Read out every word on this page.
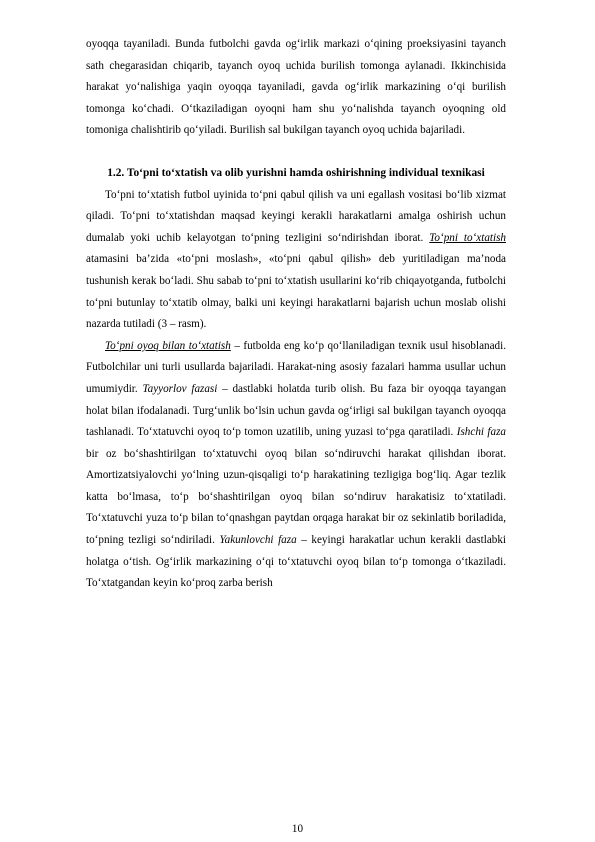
oyoqqa tayaniladi. Bunda futbolchi gavda og‘irlik markazi o‘qining proeksiyasini tayanch sath chegarasidan chiqarib, tayanch oyoq uchida burilish tomonga aylanadi. Ikkinchisida harakat yo‘nalishiga yaqin oyoqqa tayaniladi, gavda og‘irlik markazining o‘qi burilish tomonga ko‘chadi. O‘tkaziladigan oyoqni ham shu yo‘nalishda tayanch oyoqning old tomoniga chalishtirib qo‘yiladi. Burilish sal bukilgan tayanch oyoq uchida bajariladi.

1.2. To‘pni to‘xtatish va olib yurishni hamda oshirishning individual texnikasi

To‘pni to‘xtatish futbol uyinida to‘pni qabul qilish va uni egallash vositasi bo‘lib xizmat qiladi. To‘pni to‘xtatishdan maqsad keyingi kerakli harakatlarni amalga oshirish uchun dumalab yoki uchib kelayotgan to‘pning tezligini so‘ndirishdan iborat. To‘pni to‘xtatish atamasini ba’zida «to‘pni moslash», «to‘pni qabul qilish» deb yuritiladigan ma’noda tushunish kerak bo‘ladi. Shu sabab to‘pni to‘xtatish usullarini ko‘rib chiqayotganda, futbolchi to‘pni butunlay to‘xtatib olmay, balki uni keyingi harakatlarni bajarish uchun moslab olishi nazarda tutiladi (3 – rasm).

To‘pni oyoq bilan to‘xtatish – futbolda eng ko‘p qo‘llaniladigan texnik usul hisoblanadi. Futbolchilar uni turli usullarda bajariladi. Harakat-ning asosiy fazalari hamma usullar uchun umumiydir. Tayyorlov fazasi – dastlabki holatda turib olish. Bu faza bir oyoqqa tayangan holat bilan ifodalanadi. Turg‘unlik bo‘lsin uchun gavda og‘irligi sal bukilgan tayanch oyoqqa tashlanadi. To‘xtatuvchi oyoq to‘p tomon uzatilib, uning yuzasi to‘pga qaratiladi. Ishchi faza bir oz bo‘shashtirilgan to‘xtatuvchi oyoq bilan so‘ndiruvchi harakat qilishdan iborat. Amortizatsiyalovchi yo‘lning uzun-qisqaligi to‘p harakatining tezligiga bog‘liq. Agar tezlik katta bo‘lmasa, to‘p bo‘shashtirilgan oyoq bilan so‘ndiruv harakatisiz to‘xtatiladi. To‘xtatuvchi yuza to‘p bilan to‘qnashgan paytdan orqaga harakat bir oz sekinlatib boriladida, to‘pning tezligi so‘ndiriladi. Yakunlovchi faza – keyingi harakatlar uchun kerakli dastlabki holatga o‘tish. Og‘irlik markazining o‘qi to‘xtatuvchi oyoq bilan to‘p tomonga o‘tkaziladi. To‘xtatgandan keyin ko‘proq zarba berish

10
